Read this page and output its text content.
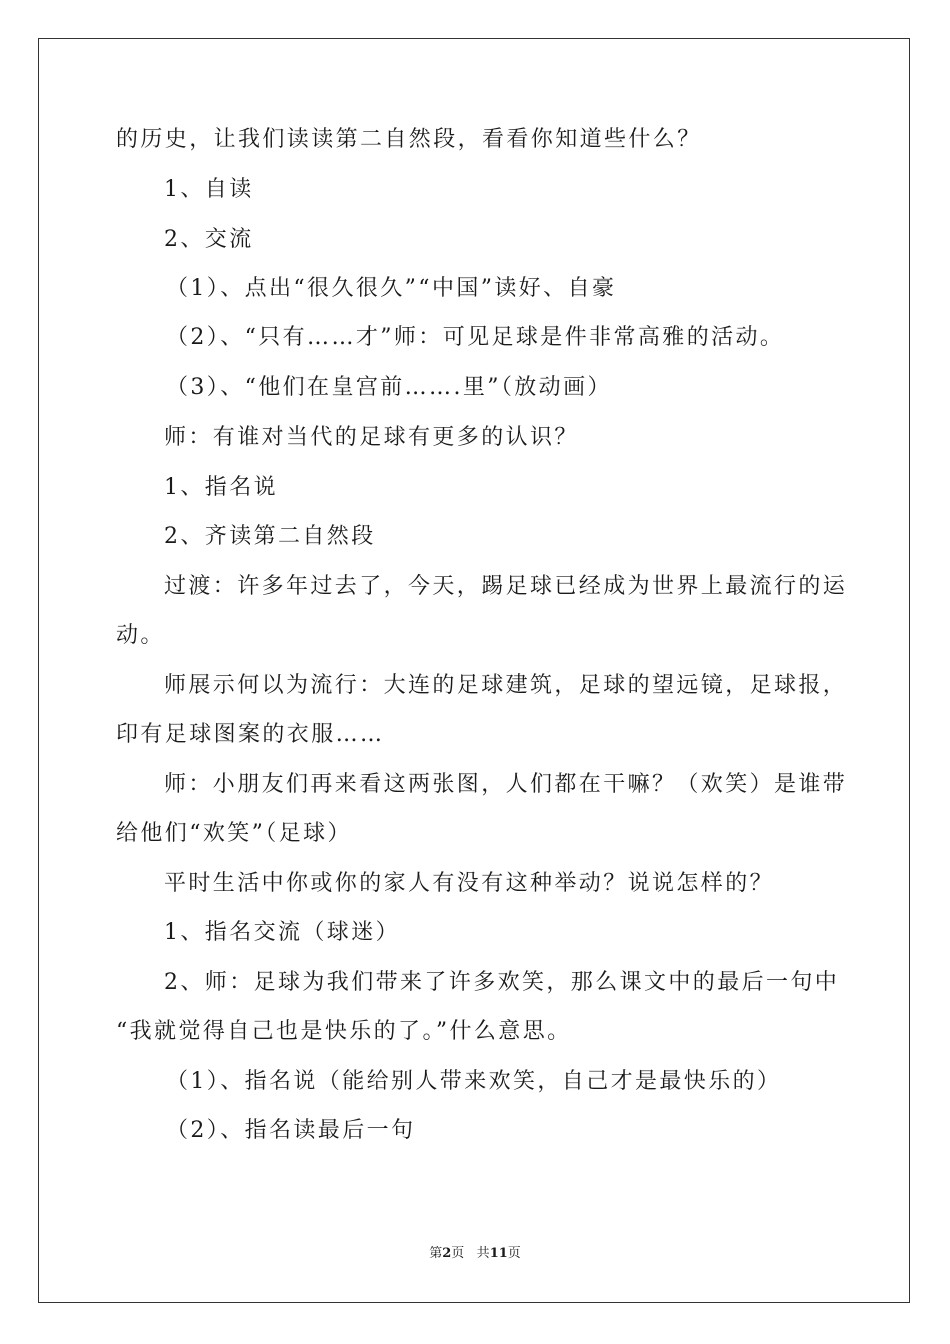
的历史，让我们读读第二自然段，看看你知道些什么？
1、自读
2、交流
（1）、点出“很久很久”“中国”读好、自豪
（2）、“只有……才”师：可见足球是件非常高雅的活动。
（3）、“他们在皇宫前…….里”（放动画）
师：有谁对当代的足球有更多的认识？
1、指名说
2、齐读第二自然段
过渡：许多年过去了，今天，踢足球已经成为世界上最流行的运
动。
师展示何以为流行：大连的足球建筑，足球的望远镜，足球报，
印有足球图案的衣服……
师：小朋友们再来看这两张图，人们都在干嘛？（欢笑）是谁带
给他们“欢笑”（足球）
平时生活中你或你的家人有没有这种举动？说说怎样的？
1、指名交流（球迷）
2、师：足球为我们带来了许多欢笑，那么课文中的最后一句中
“我就觉得自己也是快乐的了。”什么意思。
（1）、指名说（能给别人带来欢笑，自己才是最快乐的）
（2）、指名读最后一句
第2页 共11页
